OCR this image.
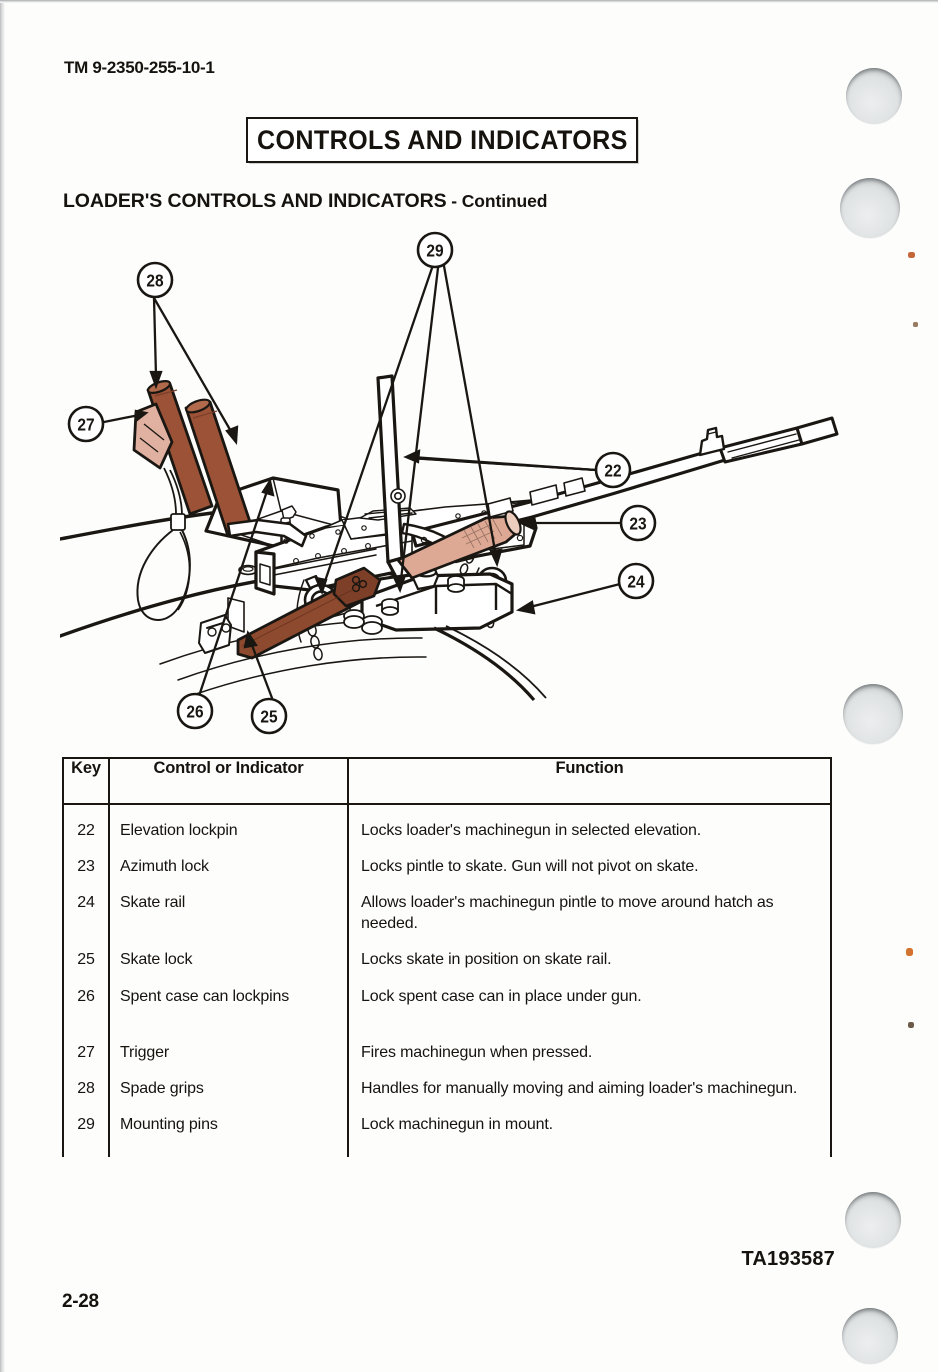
TM 9-2350-255-10-1
CONTROLS AND INDICATORS
LOADER'S CONTROLS AND INDICATORS - Continued
28
29
27
22
23
24
26	25
Key	Control or Indicator	Function
22	Elevation lockpin	Locks loader's machinegun in selected elevation.
23	Azimuth lock	Locks pintle to skate. Gun will not pivot on skate.
24	Skate rail	Allows loader's machinegun pintle to move around hatch as needed.
25	Skate lock	Locks skate in position on skate rail.
26	Spent case can lockpins	Lock spent case can in place under gun.

27	Trigger	Fires machinegun when pressed.
28	Spade grips	Handles for manually moving and aiming loader's machinegun.
29	Mounting pins	Lock machinegun in mount.
TA193587
2-28
